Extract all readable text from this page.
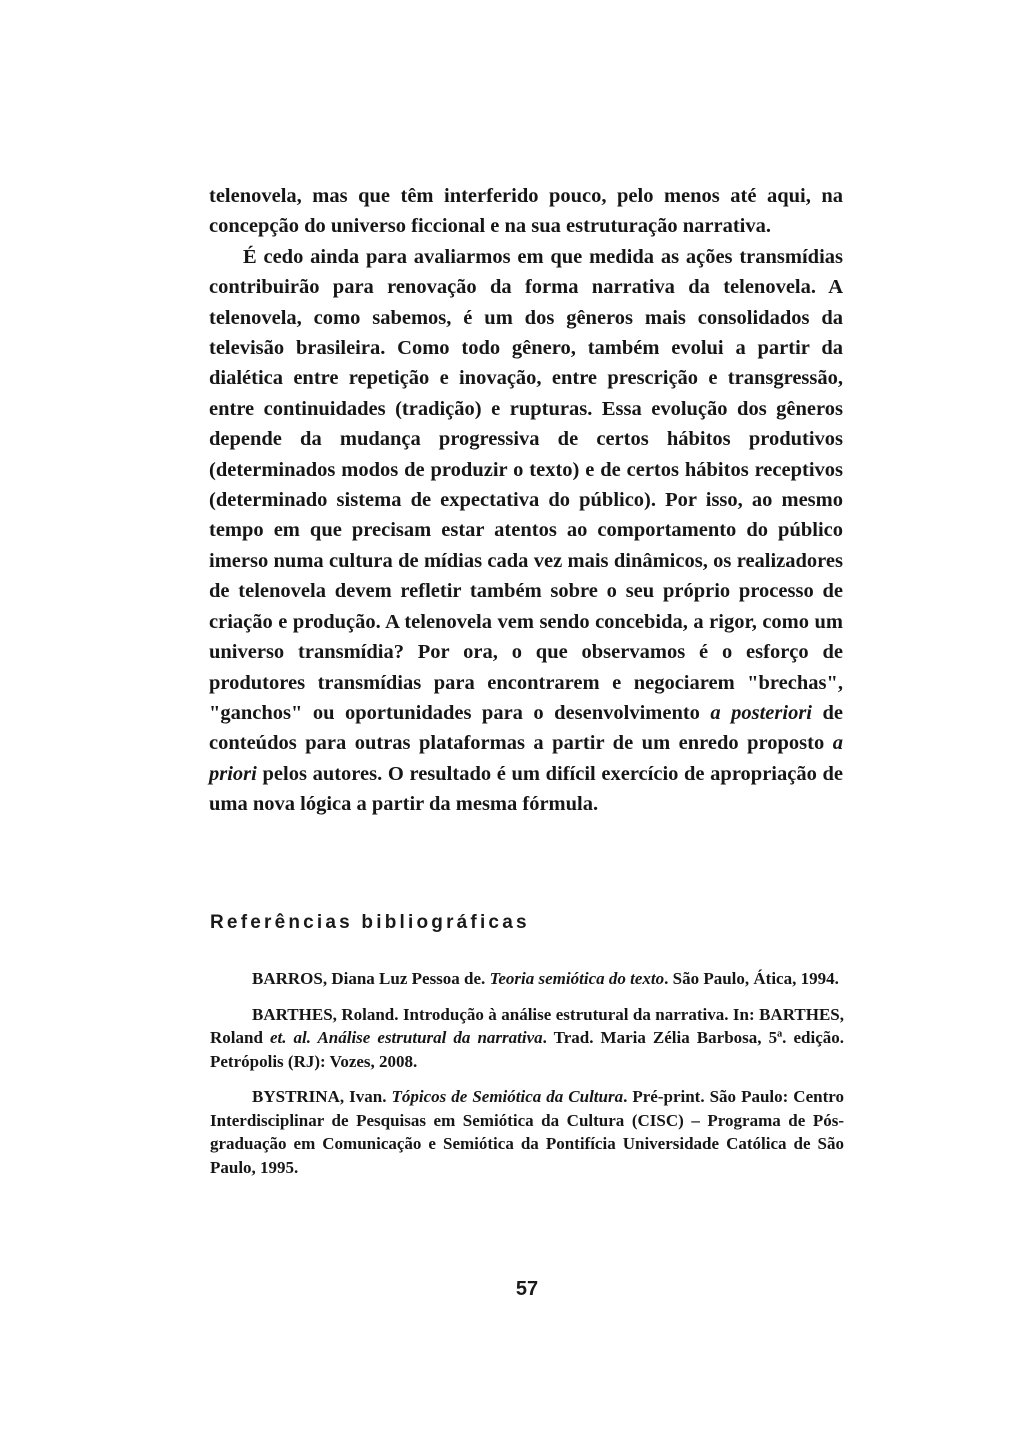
telenovela, mas que têm interferido pouco, pelo menos até aqui, na concepção do universo ficcional e na sua estruturação narrativa.

É cedo ainda para avaliarmos em que medida as ações transmídias contribuirão para renovação da forma narrativa da telenovela. A telenovela, como sabemos, é um dos gêneros mais consolidados da televisão brasileira. Como todo gênero, também evolui a partir da dialética entre repetição e inovação, entre prescrição e transgressão, entre continuidades (tradição) e rupturas. Essa evolução dos gêneros depende da mudança progressiva de certos hábitos produtivos (determinados modos de produzir o texto) e de certos hábitos receptivos (determinado sistema de expectativa do público). Por isso, ao mesmo tempo em que precisam estar atentos ao comportamento do público imerso numa cultura de mídias cada vez mais dinâmicos, os realizadores de telenovela devem refletir também sobre o seu próprio processo de criação e produção. A telenovela vem sendo concebida, a rigor, como um universo transmídia? Por ora, o que observamos é o esforço de produtores transmídias para encontrarem e negociarem "brechas", "ganchos" ou oportunidades para o desenvolvimento a posteriori de conteúdos para outras plataformas a partir de um enredo proposto a priori pelos autores. O resultado é um difícil exercício de apropriação de uma nova lógica a partir da mesma fórmula.

Referências bibliográficas

BARROS, Diana Luz Pessoa de. Teoria semiótica do texto. São Paulo, Ática, 1994.

BARTHES, Roland. Introdução à análise estrutural da narrativa. In: BARTHES, Roland et. al. Análise estrutural da narrativa. Trad. Maria Zélia Barbosa, 5ª. edição. Petrópolis (RJ): Vozes, 2008.

BYSTRINA, Ivan. Tópicos de Semiótica da Cultura. Pré-print. São Paulo: Centro Interdisciplinar de Pesquisas em Semiótica da Cultura (CISC) – Programa de Pós-graduação em Comunicação e Semiótica da Pontifícia Universidade Católica de São Paulo, 1995.

57
